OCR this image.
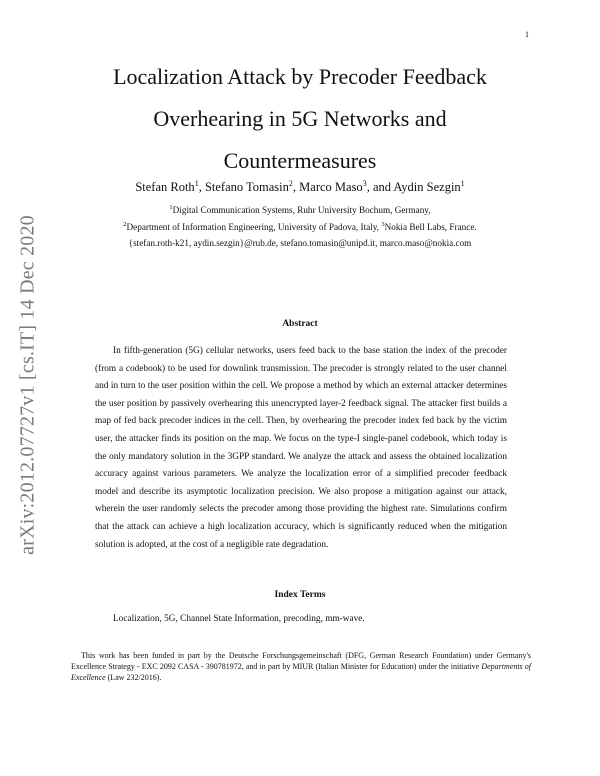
1
arXiv:2012.07727v1 [cs.IT] 14 Dec 2020
Localization Attack by Precoder Feedback
Overhearing in 5G Networks and
Countermeasures
Stefan Roth$^1$, Stefano Tomasin$^2$, Marco Maso$^3$, and Aydin Sezgin$^1$
$^1$Digital Communication Systems, Ruhr University Bochum, Germany,
$^2$Department of Information Engineering, University of Padova, Italy, $^3$Nokia Bell Labs, France.
{stefan.roth-k21, aydin.sezgin}@rub.de, stefano.tomasin@unipd.it, marco.maso@nokia.com
Abstract

In fifth-generation (5G) cellular networks, users feed back to the base station the index of the precoder (from a codebook) to be used for downlink transmission. The precoder is strongly related to the user channel and in turn to the user position within the cell. We propose a method by which an external attacker determines the user position by passively overhearing this unencrypted layer-2 feedback signal. The attacker first builds a map of fed back precoder indices in the cell. Then, by overhearing the precoder index fed back by the victim user, the attacker finds its position on the map. We focus on the type-I single-panel codebook, which today is the only mandatory solution in the 3GPP standard. We analyze the attack and assess the obtained localization accuracy against various parameters. We analyze the localization error of a simplified precoder feedback model and describe its asymptotic localization precision. We also propose a mitigation against our attack, wherein the user randomly selects the precoder among those providing the highest rate. Simulations confirm that the attack can achieve a high localization accuracy, which is significantly reduced when the mitigation solution is adopted, at the cost of a negligible rate degradation.

Index Terms
Localization, 5G, Channel State Information, precoding, mm-wave.

This work has been funded in part by the Deutsche Forschungsgemeinschaft (DFG, German Research Foundation) under Germany's Excellence Strategy - EXC 2092 CASA - 390781972, and in part by MIUR (Italian Minister for Education) under the initiative Departments of Excellence (Law 232/2016).
